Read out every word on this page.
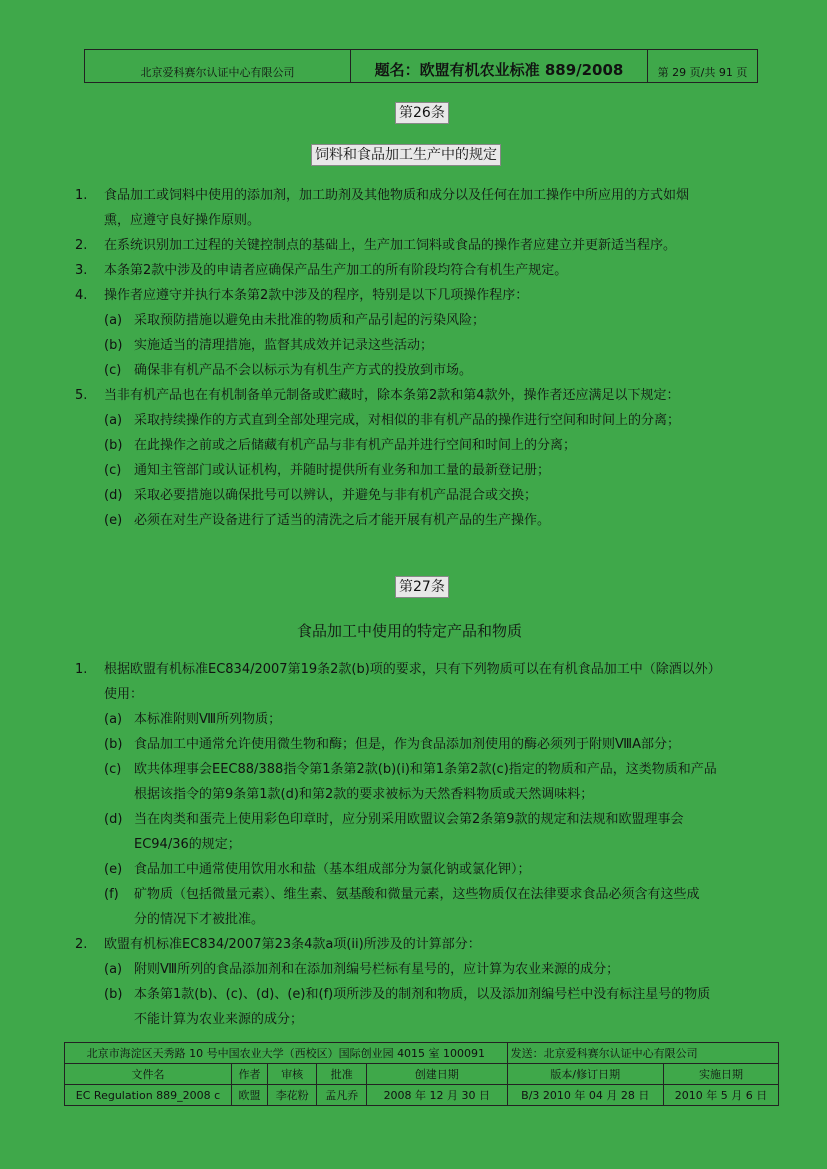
北京爱科赛尔认证中心有限公司	题名：欧盟有机农业标准 889/2008	第 29 页/共 91 页
第26条
饲料和食品加工生产中的规定
1. 食品加工或饲料中使用的添加剂，加工助剂及其他物质和成分以及任何在加工操作中所应用的方式如烟
熏，应遵守良好操作原则。
2. 在系统识别加工过程的关键控制点的基础上，生产加工饲料或食品的操作者应建立并更新适当程序。
3. 本条第2款中涉及的申请者应确保产品生产加工的所有阶段均符合有机生产规定。
4. 操作者应遵守并执行本条第2款中涉及的程序，特别是以下几项操作程序：
(a) 采取预防措施以避免由未批准的物质和产品引起的污染风险；
(b) 实施适当的清理措施，监督其成效并记录这些活动；
(c) 确保非有机产品不会以标示为有机生产方式的投放到市场。
5. 当非有机产品也在有机制备单元制备或贮藏时，除本条第2款和第4款外，操作者还应满足以下规定：
(a) 采取持续操作的方式直到全部处理完成，对相似的非有机产品的操作进行空间和时间上的分离；
(b) 在此操作之前或之后储藏有机产品与非有机产品并进行空间和时间上的分离；
(c) 通知主管部门或认证机构，并随时提供所有业务和加工量的最新登记册；
(d) 采取必要措施以确保批号可以辨认，并避免与非有机产品混合或交换；
(e) 必须在对生产设备进行了适当的清洗之后才能开展有机产品的生产操作。
第27条
食品加工中使用的特定产品和物质
1. 根据欧盟有机标准EC834/2007第19条2款(b)项的要求，只有下列物质可以在有机食品加工中（除酒以外）
使用：
(a) 本标准附则Ⅷ所列物质；
(b) 食品加工中通常允许使用微生物和酶；但是，作为食品添加剂使用的酶必须列于附则ⅧA部分；
(c) 欧共体理事会EEC88/388指令第1条第2款(b)(i)和第1条第2款(c)指定的物质和产品，这类物质和产品
根据该指令的第9条第1款(d)和第2款的要求被标为天然香料物质或天然调味料；
(d) 当在肉类和蛋壳上使用彩色印章时，应分别采用欧盟议会第2条第9款的规定和法规和欧盟理事会
EC94/36的规定；
(e) 食品加工中通常使用饮用水和盐（基本组成部分为氯化钠或氯化钾）；
(f) 矿物质（包括微量元素）、维生素、氨基酸和微量元素，这些物质仅在法律要求食品必须含有这些成
分的情况下才被批准。
2. 欧盟有机标准EC834/2007第23条4款a项(ii)所涉及的计算部分：
(a) 附则Ⅷ所列的食品添加剂和在添加剂编号栏标有星号的，应计算为农业来源的成分；
(b) 本条第1款(b)、(c)、(d)、(e)和(f)项所涉及的制剂和物质，以及添加剂编号栏中没有标注星号的物质
不能计算为农业来源的成分；
北京市海淀区天秀路 10 号中国农业大学（西校区）国际创业园 4015 室 100091					发送：北京爱科赛尔认证中心有限公司	
文件名	作者	审核	批准	创建日期	版本/修订日期	实施日期
EC Regulation 889_2008 c	欧盟	李花粉	孟凡乔	2008 年 12 月 30 日	B/3 2010 年 04 月 28 日	2010 年 5 月 6 日
